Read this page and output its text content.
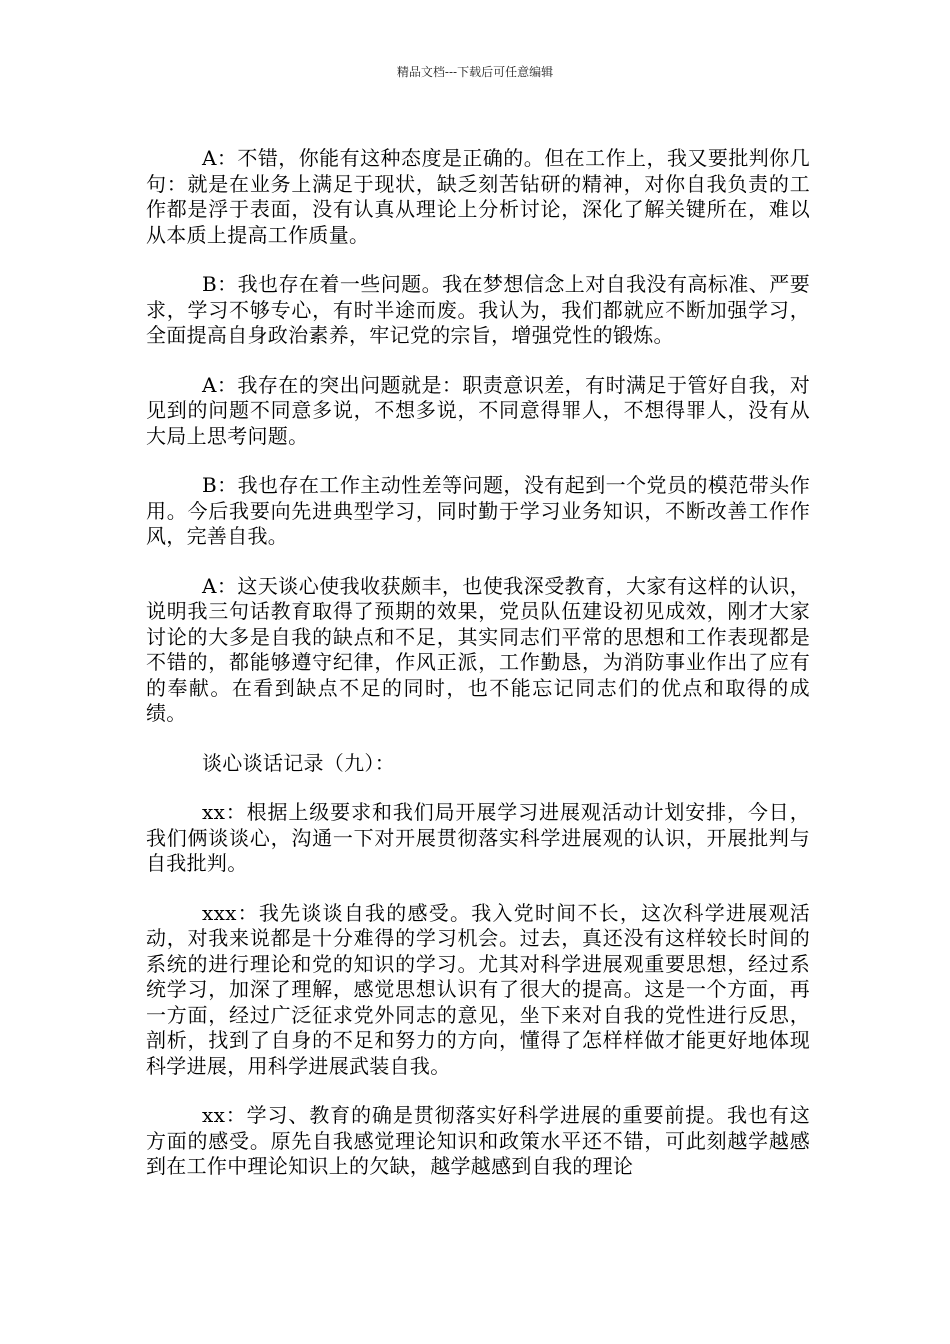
精品文档---下载后可任意编辑

A：不错，你能有这种态度是正确的。但在工作上，我又要批判你几句：就是在业务上满足于现状，缺乏刻苦钻研的精神，对你自我负责的工作都是浮于表面，没有认真从理论上分析讨论，深化了解关键所在，难以从本质上提高工作质量。

B：我也存在着一些问题。我在梦想信念上对自我没有高标准、严要求，学习不够专心，有时半途而废。我认为，我们都就应不断加强学习，全面提高自身政治素养，牢记党的宗旨，增强党性的锻炼。

A：我存在的突出问题就是：职责意识差，有时满足于管好自我，对见到的问题不同意多说，不想多说，不同意得罪人，不想得罪人，没有从大局上思考问题。

B：我也存在工作主动性差等问题，没有起到一个党员的模范带头作用。今后我要向先进典型学习，同时勤于学习业务知识，不断改善工作作风，完善自我。

A：这天谈心使我收获颇丰，也使我深受教育，大家有这样的认识，说明我三句话教育取得了预期的效果，党员队伍建设初见成效，刚才大家讨论的大多是自我的缺点和不足，其实同志们平常的思想和工作表现都是不错的，都能够遵守纪律，作风正派，工作勤恳，为消防事业作出了应有的奉献。在看到缺点不足的同时，也不能忘记同志们的优点和取得的成绩。

谈心谈话记录（九）：

xx：根据上级要求和我们局开展学习进展观活动计划安排，今日，我们俩谈谈心，沟通一下对开展贯彻落实科学进展观的认识，开展批判与自我批判。

xxx：我先谈谈自我的感受。我入党时间不长，这次科学进展观活动，对我来说都是十分难得的学习机会。过去，真还没有这样较长时间的系统的进行理论和党的知识的学习。尤其对科学进展观重要思想，经过系统学习，加深了理解，感觉思想认识有了很大的提高。这是一个方面，再一方面，经过广泛征求党外同志的意见，坐下来对自我的党性进行反思，剖析，找到了自身的不足和努力的方向，懂得了怎样样做才能更好地体现科学进展，用科学进展武装自我。

xx：学习、教育的确是贯彻落实好科学进展的重要前提。我也有这方面的感受。原先自我感觉理论知识和政策水平还不错，可此刻越学越感到在工作中理论知识上的欠缺，越学越感到自我的理论
